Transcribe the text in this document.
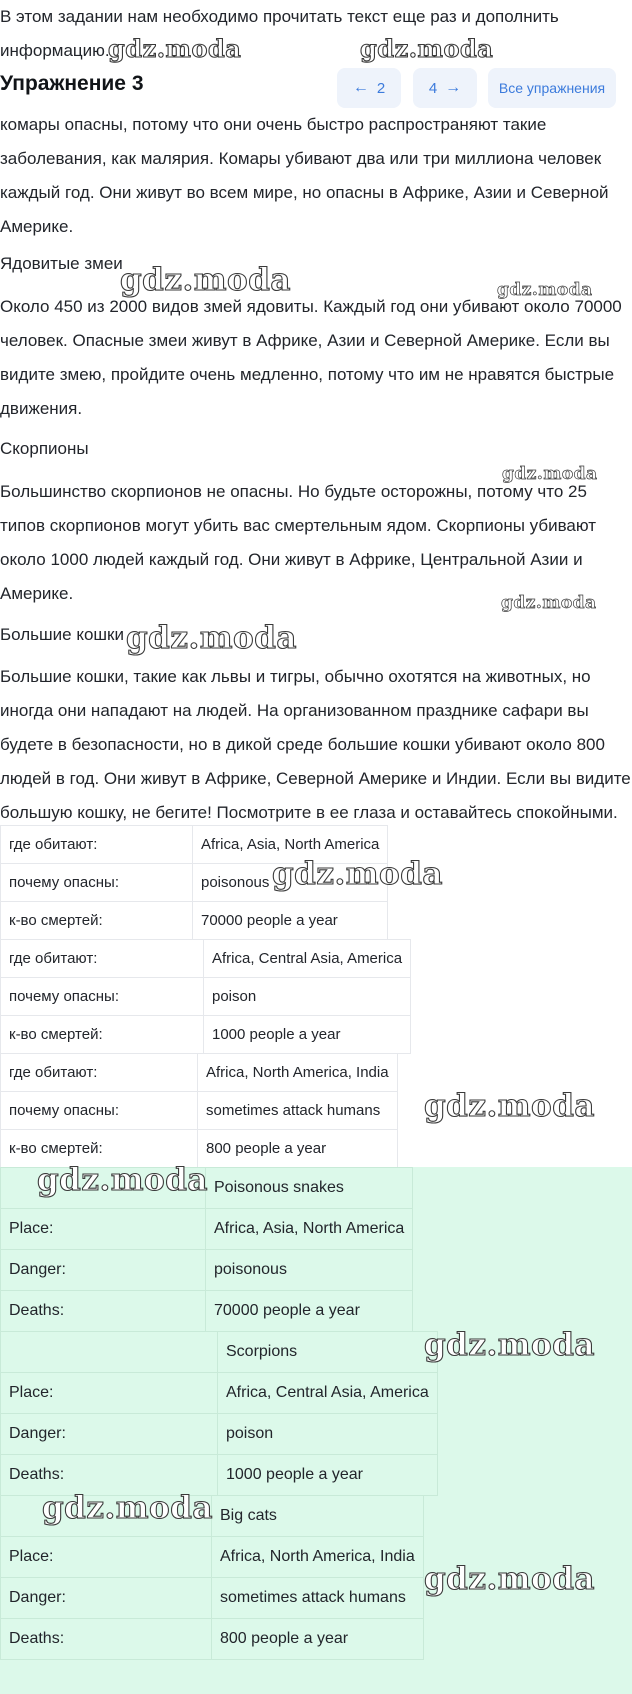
В этом задании нам необходимо прочитать текст еще раз и дополнить

информацию.

Упражнение 3	← 2	4 →	Все упражнения

комары опасны, потому что они очень быстро распространяют такие

заболевания, как малярия. Комары убивают два или три миллиона человек

каждый год. Они живут во всем мире, но опасны в Африке, Азии и Северной

Америке.

Ядовитые змеи

Около 450 из 2000 видов змей ядовиты. Каждый год они убивают около 70000

человек. Опасные змеи живут в Африке, Азии и Северной Америке. Если вы

видите змею, пройдите очень медленно, потому что им не нравятся быстрые

движения.

Скорпионы

Большинство скорпионов не опасны. Но будьте осторожны, потому что 25

типов скорпионов могут убить вас смертельным ядом. Скорпионы убивают

около 1000 людей каждый год. Они живут в Африке, Центральной Азии и

Америке.

Большие кошки

Большие кошки, такие как львы и тигры, обычно охотятся на животных, но

иногда они нападают на людей. На организованном празднике сафари вы

будете в безопасности, но в дикой среде большие кошки убивают около 800

людей в год. Они живут в Африке, Северной Америке и Индии. Если вы видите

большую кошку, не бегите! Посмотрите в ее глаза и оставайтесь спокойными.

где обитают:	Africa, Asia, North America
почему опасны:	poisonous
к-во смертей:	70000 people a year
где обитают:	Africa, Central Asia, America
почему опасны:	poison
к-во смертей:	1000 people a year
где обитают:	Africa, North America, India
почему опасны:	sometimes attack humans
к-во смертей:	800 people a year
	Poisonous snakes
Place:	Africa, Asia, North America
Danger:	poisonous
Deaths:	70000 people a year
	Scorpions
Place:	Africa, Central Asia, America
Danger:	poison
Deaths:	1000 people a year
	Big cats
Place:	Africa, North America, India
Danger:	sometimes attack humans
Deaths:	800 people a year
gdz.moda	gdz.moda
gdz.moda	gdz.moda
gdz.moda
gdz.moda
gdz.moda
gdz.moda
gdz.moda
gdz.moda
gdz.moda
gdz.moda
gdz.moda
